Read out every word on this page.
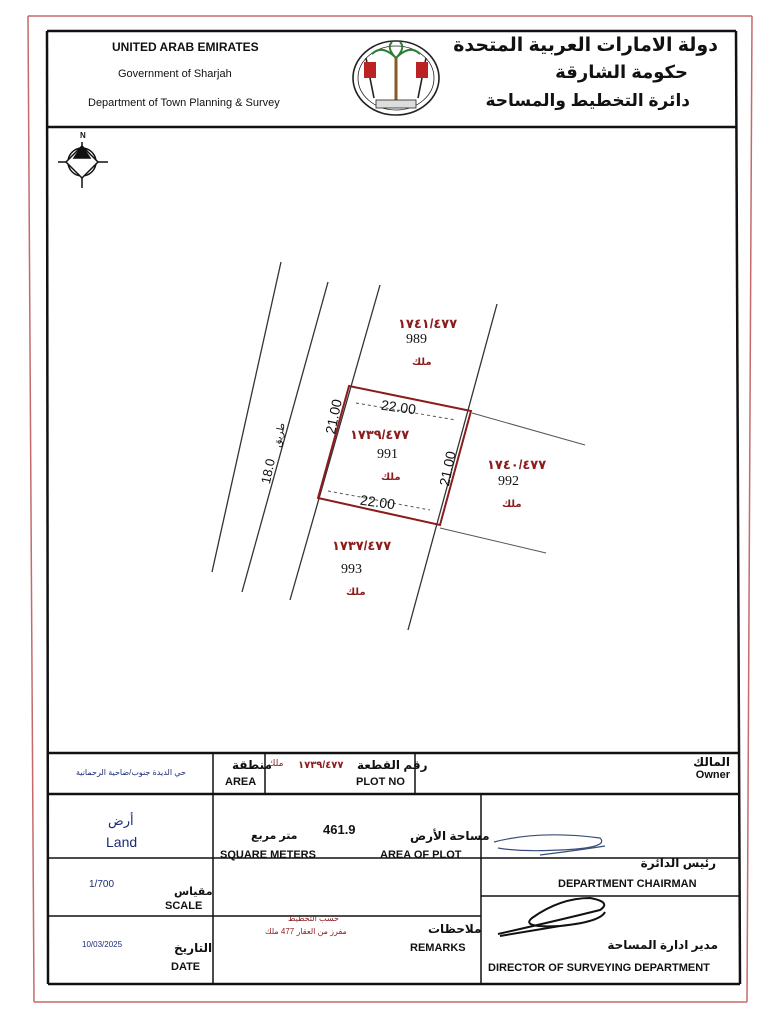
UNITED ARAB EMIRATES
Government of Sharjah
Department of Town Planning & Survey
دولة الامارات العربية المتحدة
حكومة الشارقة
دائرة التخطيط والمساحة
N
١٧٤١/٤٧٧
989
ملك
١٧٣٩/٤٧٧
991
ملك
١٧٤٠/٤٧٧
992
ملك
١٧٣٧/٤٧٧
993
ملك
22.00
22.00
21.00
21.00
18.0
طريق
المالك
Owner
رقم القطعة
PLOT NO
١٧٣٩/٤٧٧
ملك
منطقة
AREA
حي الديدة جنوب/ضاحية الرحمانية
أرض
Land
1/700
مقياس
SCALE
10/03/2025	التاريخ
DATE
مساحة الأرض
AREA OF PLOT
461.9
متر مربع
SQUARE METERS
ملاحظات
REMARKS
حسب التخطيط
مفرز من العقار 477 ملك
رئيس الدائرة
DEPARTMENT CHAIRMAN
مدير ادارة المساحة
DIRECTOR OF SURVEYING DEPARTMENT
